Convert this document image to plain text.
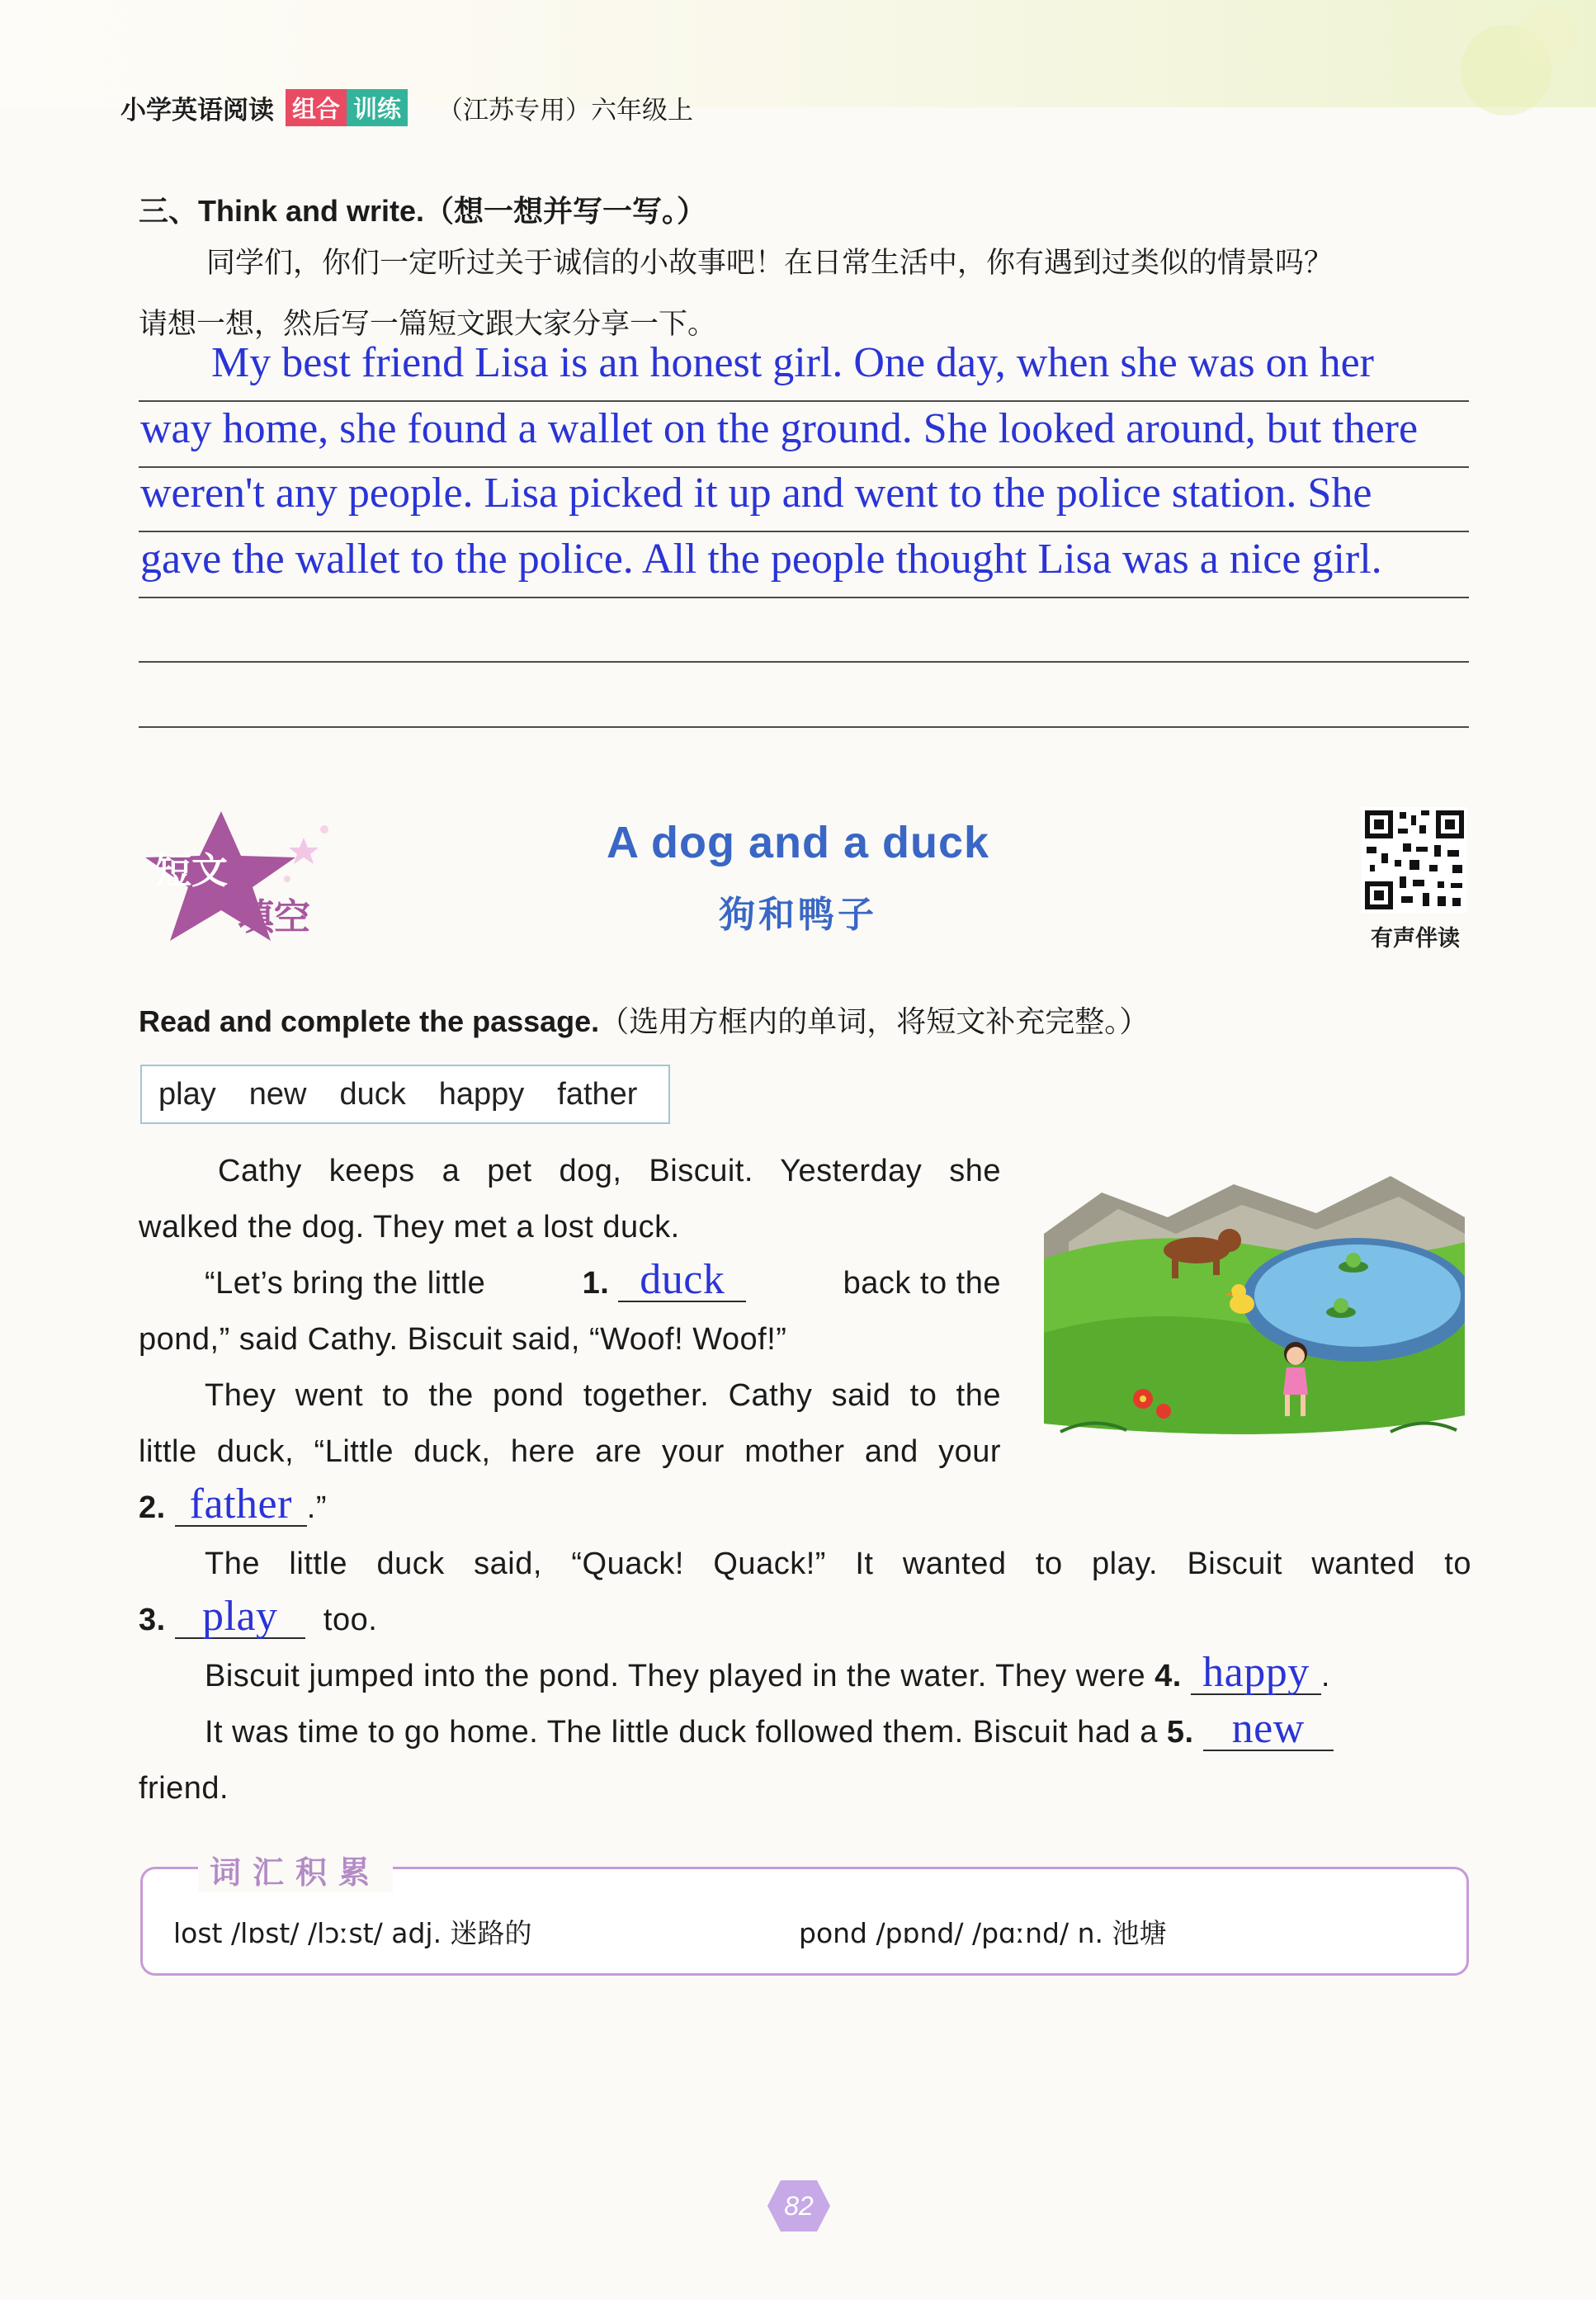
小学英语阅读 组合 训练 （江苏专用）六年级上
三、Think and write.（想一想并写一写。）
同学们，你们一定听过关于诚信的小故事吧！在日常生活中，你有遇到过类似的情景吗？
请想一想，然后写一篇短文跟大家分享一下。
My best friend Lisa is an honest girl. One day, when she was on her
way home, she found a wallet on the ground. She looked around, but there
weren't any people. Lisa picked it up and went to the police station. She
gave the wallet to the police. All the people thought Lisa was a nice girl.
短文
填空
A dog and a duck
狗和鸭子
有声伴读
Read and complete the passage.（选用方框内的单词，将短文补充完整。）
play new duck happy father
Cathy keeps a pet dog, Biscuit. Yesterday she
walked the dog. They met a lost duck.
“Let’s bring the little	1. duck	back to the
pond,” said Cathy. Biscuit said, “Woof! Woof!”
They went to the pond together. Cathy said to the
little duck, “Little duck, here are your mother and your
2. father .”
The little duck said, “Quack! Quack!” It wanted to play. Biscuit wanted to
3. play too.
Biscuit jumped into the pond. They played in the water. They were 4. happy .
It was time to go home. The little duck followed them. Biscuit had a 5. new
friend.
词汇积累
lost /lɒst/ /lɔːst/ adj. 迷路的	pond /pɒnd/ /pɑːnd/ n. 池塘
82
